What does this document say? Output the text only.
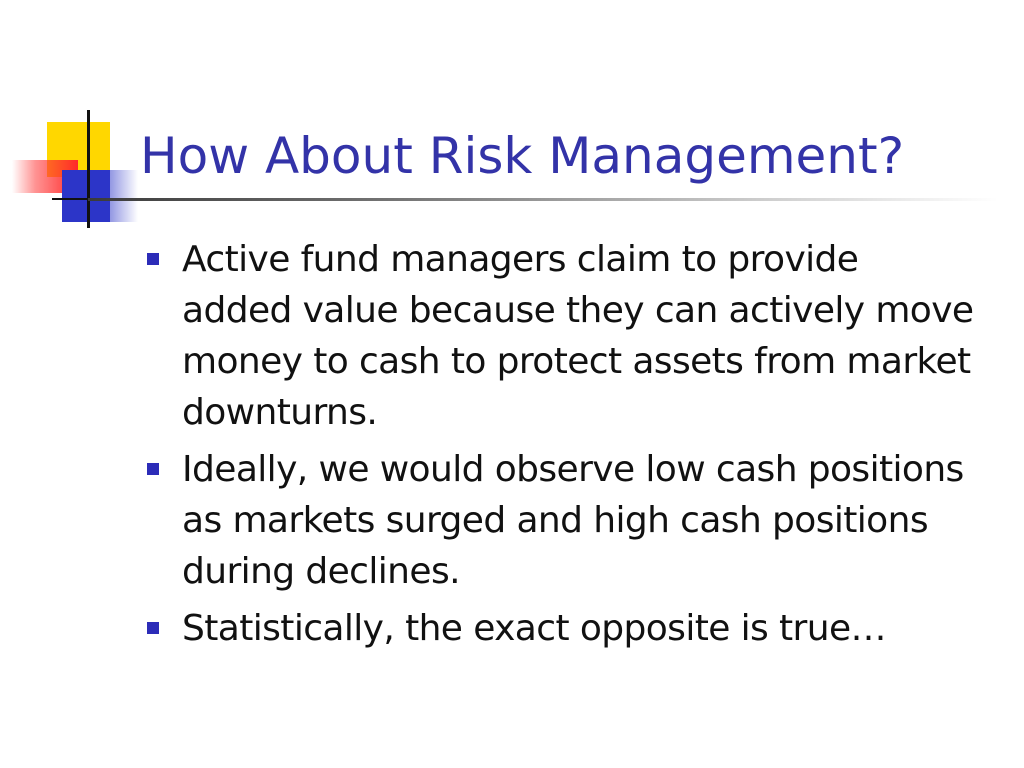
How About Risk Management?
Active fund managers claim to provide added value because they can actively move money to cash to protect assets from market downturns.
Ideally, we would observe low cash positions as markets surged and high cash positions during declines.
Statistically, the exact opposite is true…
